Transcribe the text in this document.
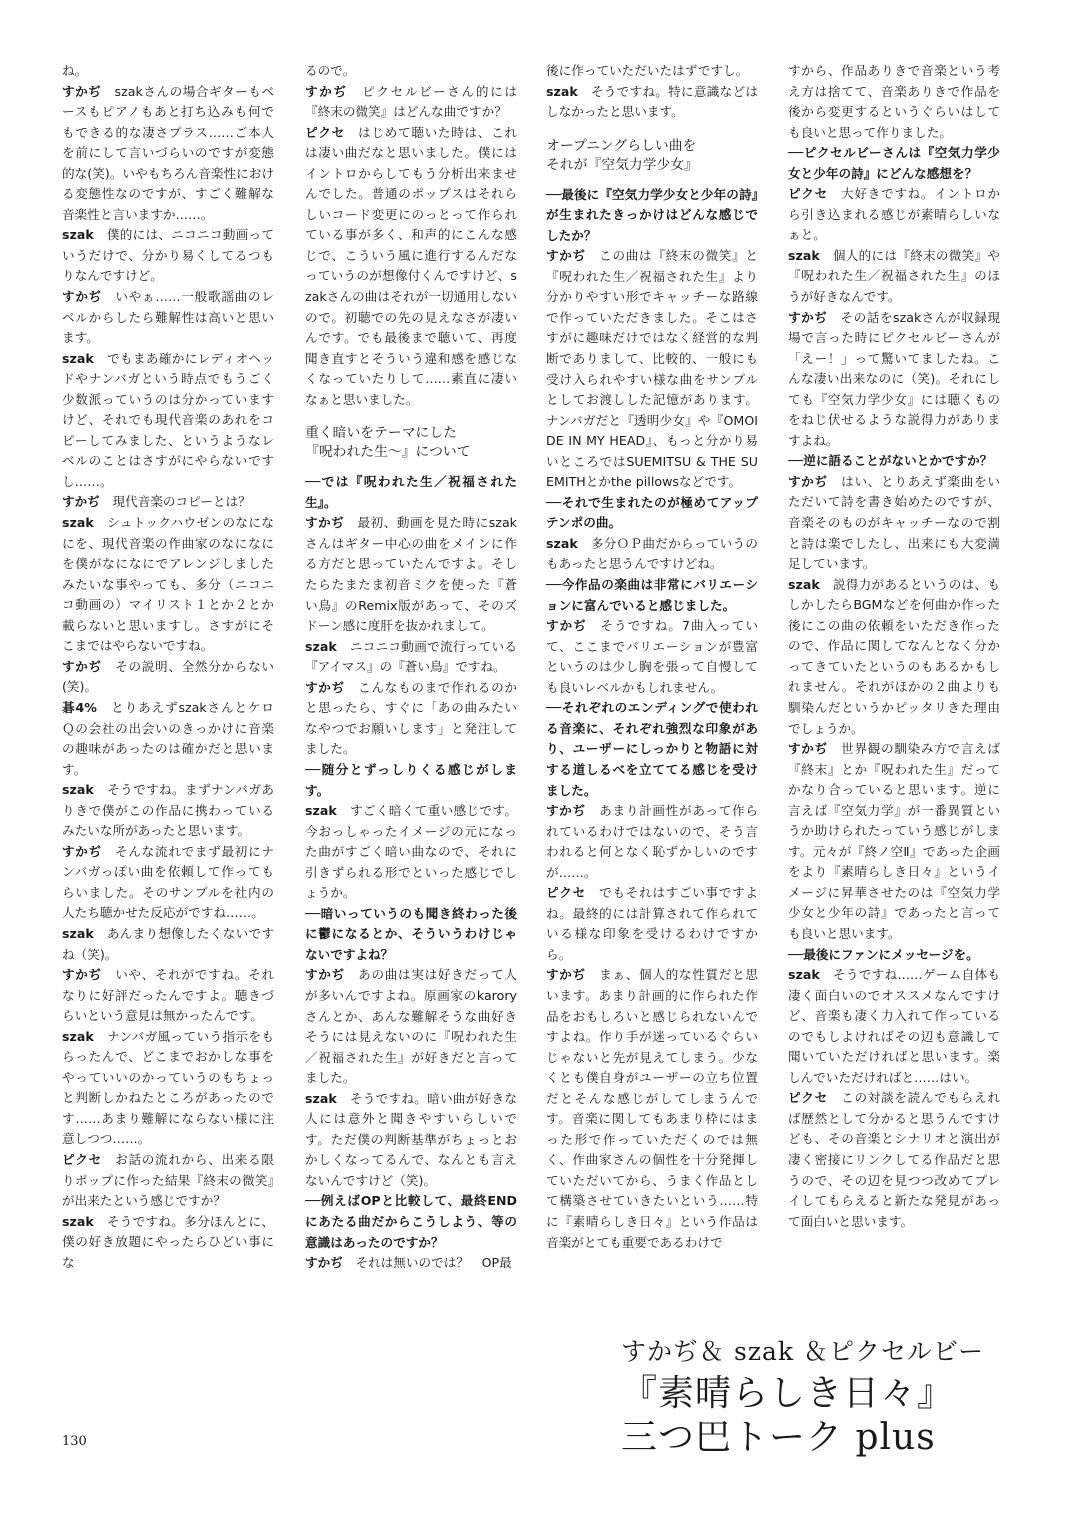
ね。

すかぢ　 szakさんの場合ギターもベースもピアノもあと打ち込みも何でもできる的な凄さプラス……ご本人を前にして言いづらいのですが変態的な(笑)。いやもちろん音楽性における変態性なのですが、すごく難解な音楽性と言いますか……。

szak　 僕的には、ニコニコ動画っていうだけで、分かり易くしてるつもりなんですけど。

すかぢ　 いやぁ……一般歌謡曲のレベルからしたら難解性は高いと思います。

szak　 でもまあ確かにレディオヘッドやナンバガという時点でもうごく少数派っていうのは分かっていますけど、それでも現代音楽のあれをコピーしてみました、というようなレベルのことはさすがにやらないですし……。

すかぢ　 現代音楽のコピーとは？

szak　 シュトックハウゼンのなになにを、現代音楽の作曲家のなになにを僕がなになにでアレンジしましたみたいな事やっても、多分（ニコニコ動画の）マイリスト１とか２とか載らないと思いますし。さすがにそこまではやらないですね。

すかぢ　 その説明、全然分からない(笑)。

碁4%　 とりあえずszakさんとケロＱの会社の出会いのきっかけに音楽の趣味があったのは確かだと思います。

szak　 そうですね。まずナンバガありきで僕がこの作品に携わっているみたいな所があったと思います。

すかぢ　 そんな流れでまず最初にナンバガっぽい曲を依頼して作ってもらいました。そのサンプルを社内の人たち聴かせた反応がですね……。

szak　 あんまり想像したくないですね（笑)。

すかぢ　 いや、それがですね。それなりに好評だったんですよ。聴きづらいという意見は無かったんです。

szak　 ナンバガ風っていう指示をもらったんで、どこまでおかしな事をやっていいのかっていうのもちょっと判断しかねたところがあったのです……あまり難解にならない様に注意しつつ……。

ピクセ　 お話の流れから、出来る限りポップに作った結果『終末の微笑』が出来たという感じですか？

szak　 そうですね。多分ほんとに、僕の好き放題にやったらひどい事にな

るので。

すかぢ　 ピクセルビーさん的には『終末の微笑』はどんな曲ですか？

ピクセ　 はじめて聴いた時は、これは凄い曲だなと思いました。僕にはイントロからしてもう分析出来ませんでした。普通のポップスはそれらしいコード変更にのっとって作られている事が多く、和声的にこんな感じで、こういう風に進行するんだなっていうのが想像付くんですけど、szakさんの曲はそれが一切通用しないので。初聴での先の見えなさが凄いんです。でも最後まで聴いて、再度聞き直すとそういう違和感を感じなくなっていたりして……素直に凄いなぁと思いました。

重く暗いをテーマにした
『呪われた生〜』について

──では『呪われた生／祝福された生』。

すかぢ　 最初、動画を見た時にszakさんはギター中心の曲をメインに作る方だと思っていたんですよ。そしたらたまたま初音ミクを使った『蒼い鳥』のRemix版があって、そのズドーン感に度肝を抜かれまして。

szak　 ニコニコ動画で流行っている『アイマス』の『蒼い鳥』ですね。

すかぢ　 こんなものまで作れるのかと思ったら、すぐに「あの曲みたいなやつでお願いします」と発注してました。

──随分とずっしりくる感じがします。

szak　 すごく暗くて重い感じです。今おっしゃったイメージの元になった曲がすごく暗い曲なので、それに引きずられる形でといった感じでしょうか。

──暗いっていうのも聞き終わった後に鬱になるとか、そういうわけじゃないですよね？

すかぢ　 あの曲は実は好きだって人が多いんですよね。原画家のkaroryさんとか、あんな難解そうな曲好きそうには見えないのに『呪われた生／祝福された生』が好きだと言ってました。

szak　 そうですね。暗い曲が好きな人には意外と聞きやすいらしいです。ただ僕の判断基準がちょっとおかしくなってるんで、なんとも言えないんですけど（笑)。

──例えばOPと比較して、最終ENDにあたる曲だからこうしよう、等の意識はあったのですか？

すかぢ　 それは無いのでは？　OP最

後に作っていただいたはずですし。

szak　 そうですね。特に意識などはしなかったと思います。

オープニングらしい曲を
それが『空気力学少女』

──最後に『空気力学少女と少年の詩』が生まれたきっかけはどんな感じでしたか？

すかぢ　 この曲は『終末の微笑』と『呪われた生／祝福された生』より分かりやすい形でキャッチーな路線で作っていただきました。そこはさすがに趣味だけではなく経営的な判断でありまして、比較的、一般にも受け入られやすい様な曲をサンプルとしてお渡しした記憶があります。ナンバガだと『透明少女』や『OMOIDE IN MY HEAD』、もっと分かり易いところではSUEMITSU & THE SUEMITHとかthe pillowsなどです。

──それで生まれたのが極めてアップテンポの曲。

szak　 多分ＯＰ曲だからっていうのもあったと思うんですけどね。

──今作品の楽曲は非常にバリエーションに富んでいると感じました。

すかぢ　 そうですね。7曲入っていて、ここまでバリエーションが豊富というのは少し胸を張って自慢しても良いレベルかもしれません。

──それぞれのエンディングで使われる音楽に、それぞれ強烈な印象があり、ユーザーにしっかりと物語に対する道しるべを立ててる感じを受けました。

すかぢ　 あまり計画性があって作られているわけではないので、そう言われると何となく恥ずかしいのですが……。

ピクセ　 でもそれはすごい事ですよね。最終的には計算されて作られている様な印象を受けるわけですから。

すかぢ　 まぁ、個人的な性質だと思います。あまり計画的に作られた作品をおもしろいと感じられないんですよね。作り手が迷っているぐらいじゃないと先が見えてしまう。少なくとも僕自身がユーザーの立ち位置だとそんな感じがしてしまうんです。音楽に関してもあまり枠にはまった形で作っていただくのでは無く、作曲家さんの個性を十分発揮していただいてから、うまく作品として構築させていきたいという……特に『素晴らしき日々』という作品は音楽がとても重要であるわけで

すから、作品ありきで音楽という考え方は捨てて、音楽ありきで作品を後から変更するというぐらいはしても良いと思って作りました。

──ピクセルビーさんは『空気力学少女と少年の詩』にどんな感想を？

ピクセ　 大好きですね。イントロから引き込まれる感じが素晴らしいなぁと。

szak　 個人的には『終末の微笑』や『呪われた生／祝福された生』のほうが好きなんです。

すかぢ　 その話をszakさんが収録現場で言った時にピクセルビーさんが「えー！」って驚いてましたね。こんな凄い出来なのに（笑)。それにしても『空気力学少女』には聴くものをねじ伏せるような説得力がありますよね。

──逆に語ることがないとかですか？

すかぢ　 はい、とりあえず楽曲をいただいて詩を書き始めたのですが、音楽そのものがキャッチーなので割と詩は楽でしたし、出来にも大変満足しています。

szak　 説得力があるというのは、もしかしたらBGMなどを何曲か作った後にこの曲の依頼をいただき作ったので、作品に関してなんとなく分かってきていたというのもあるかもしれません。それがほかの２曲よりも馴染んだというかピッタリきた理由でしょうか。

すかぢ　 世界観の馴染み方で言えば『終末』とか『呪われた生』だってかなり合っていると思います。逆に言えば『空気力学』が一番異質というか助けられたっていう感じがします。元々が『終ノ空Ⅱ』であった企画をより『素晴らしき日々』というイメージに昇華させたのは『空気力学少女と少年の詩』であったと言っても良いと思います。

──最後にファンにメッセージを。

szak　 そうですね……ゲーム自体も凄く面白いのでオススメなんですけど、音楽も凄く力入れて作っているのでもしよければその辺も意識して聞いていただければと思います。楽しんでいただければと……はい。

ピクセ　 この対談を読んでもらえれば歴然として分かると思うんですけども、その音楽とシナリオと演出が凄く密接にリンクしてる作品だと思うので、その辺を見つつ改めてプレイしてもらえると新たな発見があって面白いと思います。

すかぢ＆ szak ＆ピクセルビー
『素晴らしき日々』
三つ巴トーク plus
130
